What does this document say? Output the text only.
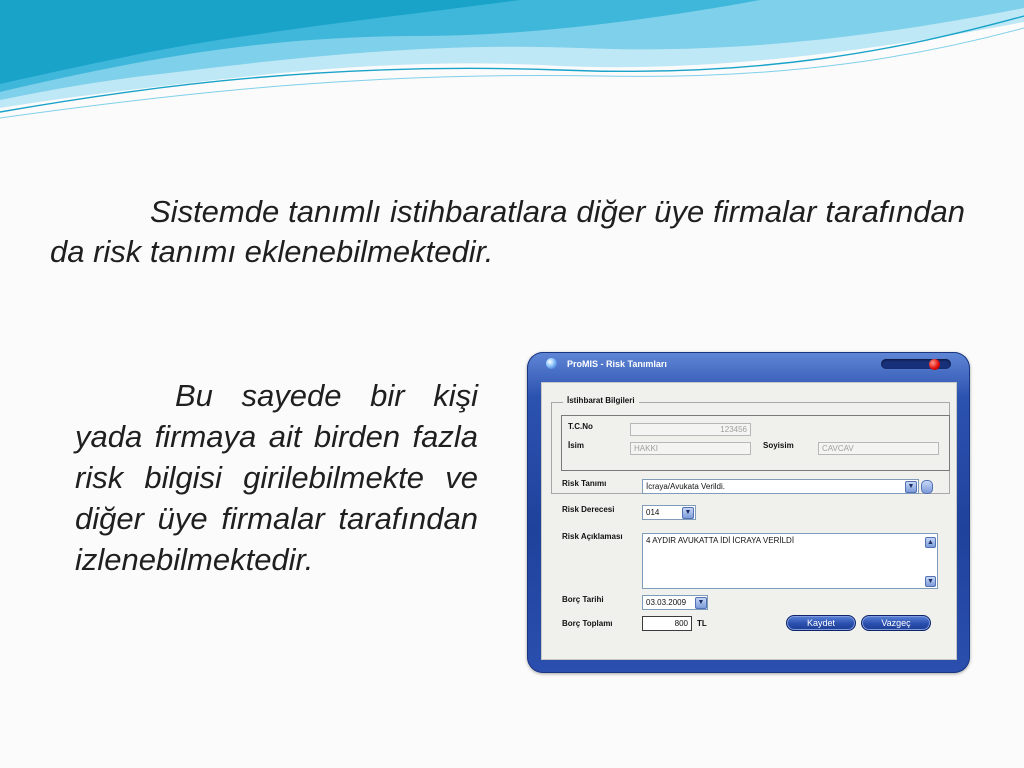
Sistemde tanımlı istihbaratlara diğer üye firmalar tarafından da risk tanımı eklenebilmektedir.
Bu sayede bir kişi yada firmaya ait birden fazla risk bilgisi girilebilmekte ve diğer üye firmalar tarafından izlenebilmektedir.
ProMIS - Risk Tanımları
İstihbarat Bilgileri
T.C.No	123456
İsim	HAKKI	Soyisim	CAVCAV
Risk Tanımı	İcraya/Avukata Verildi.	▼
Risk Derecesi	014	▼
Risk Açıklaması	4 AYDIR AVUKATTA İDİ İCRAYA VERİLDİ	▲
▼
Borç Tarihi	03.03.2009	▼
Borç Toplamı	800	TL	Kaydet	Vazgeç
